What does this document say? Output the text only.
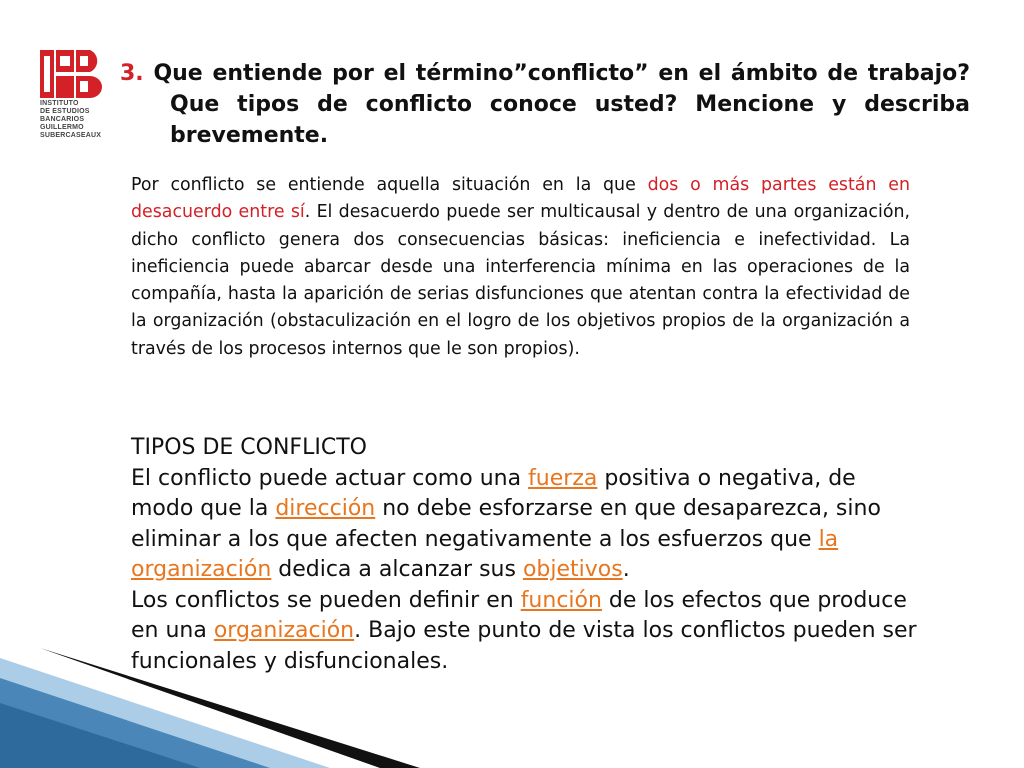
INSTITUTO
DE ESTUDIOS
BANCARIOS
GUILLERMO
SUBERCASEAUX
3. Que entiende por el término”conflicto” en el ámbito de trabajo? Que tipos de conflicto conoce usted? Mencione y describa brevemente.
Por conflicto se entiende aquella situación en la que dos o más partes están en desacuerdo entre sí. El desacuerdo puede ser multicausal y dentro de una organización, dicho conflicto genera dos consecuencias básicas: ineficiencia e inefectividad. La ineficiencia puede abarcar desde una interferencia mínima en las operaciones de la compañía, hasta la aparición de serias disfunciones que atentan contra la efectividad de la organización (obstaculización en el logro de los objetivos propios de la organización a través de los procesos internos que le son propios).
TIPOS DE CONFLICTO
El conflicto puede actuar como una fuerza positiva o negativa, de modo que la dirección no debe esforzarse en que desaparezca, sino eliminar a los que afecten negativamente a los esfuerzos que la organización dedica a alcanzar sus objetivos.
Los conflictos se pueden definir en función de los efectos que produce en una organización. Bajo este punto de vista los conflictos pueden ser funcionales y disfuncionales.
